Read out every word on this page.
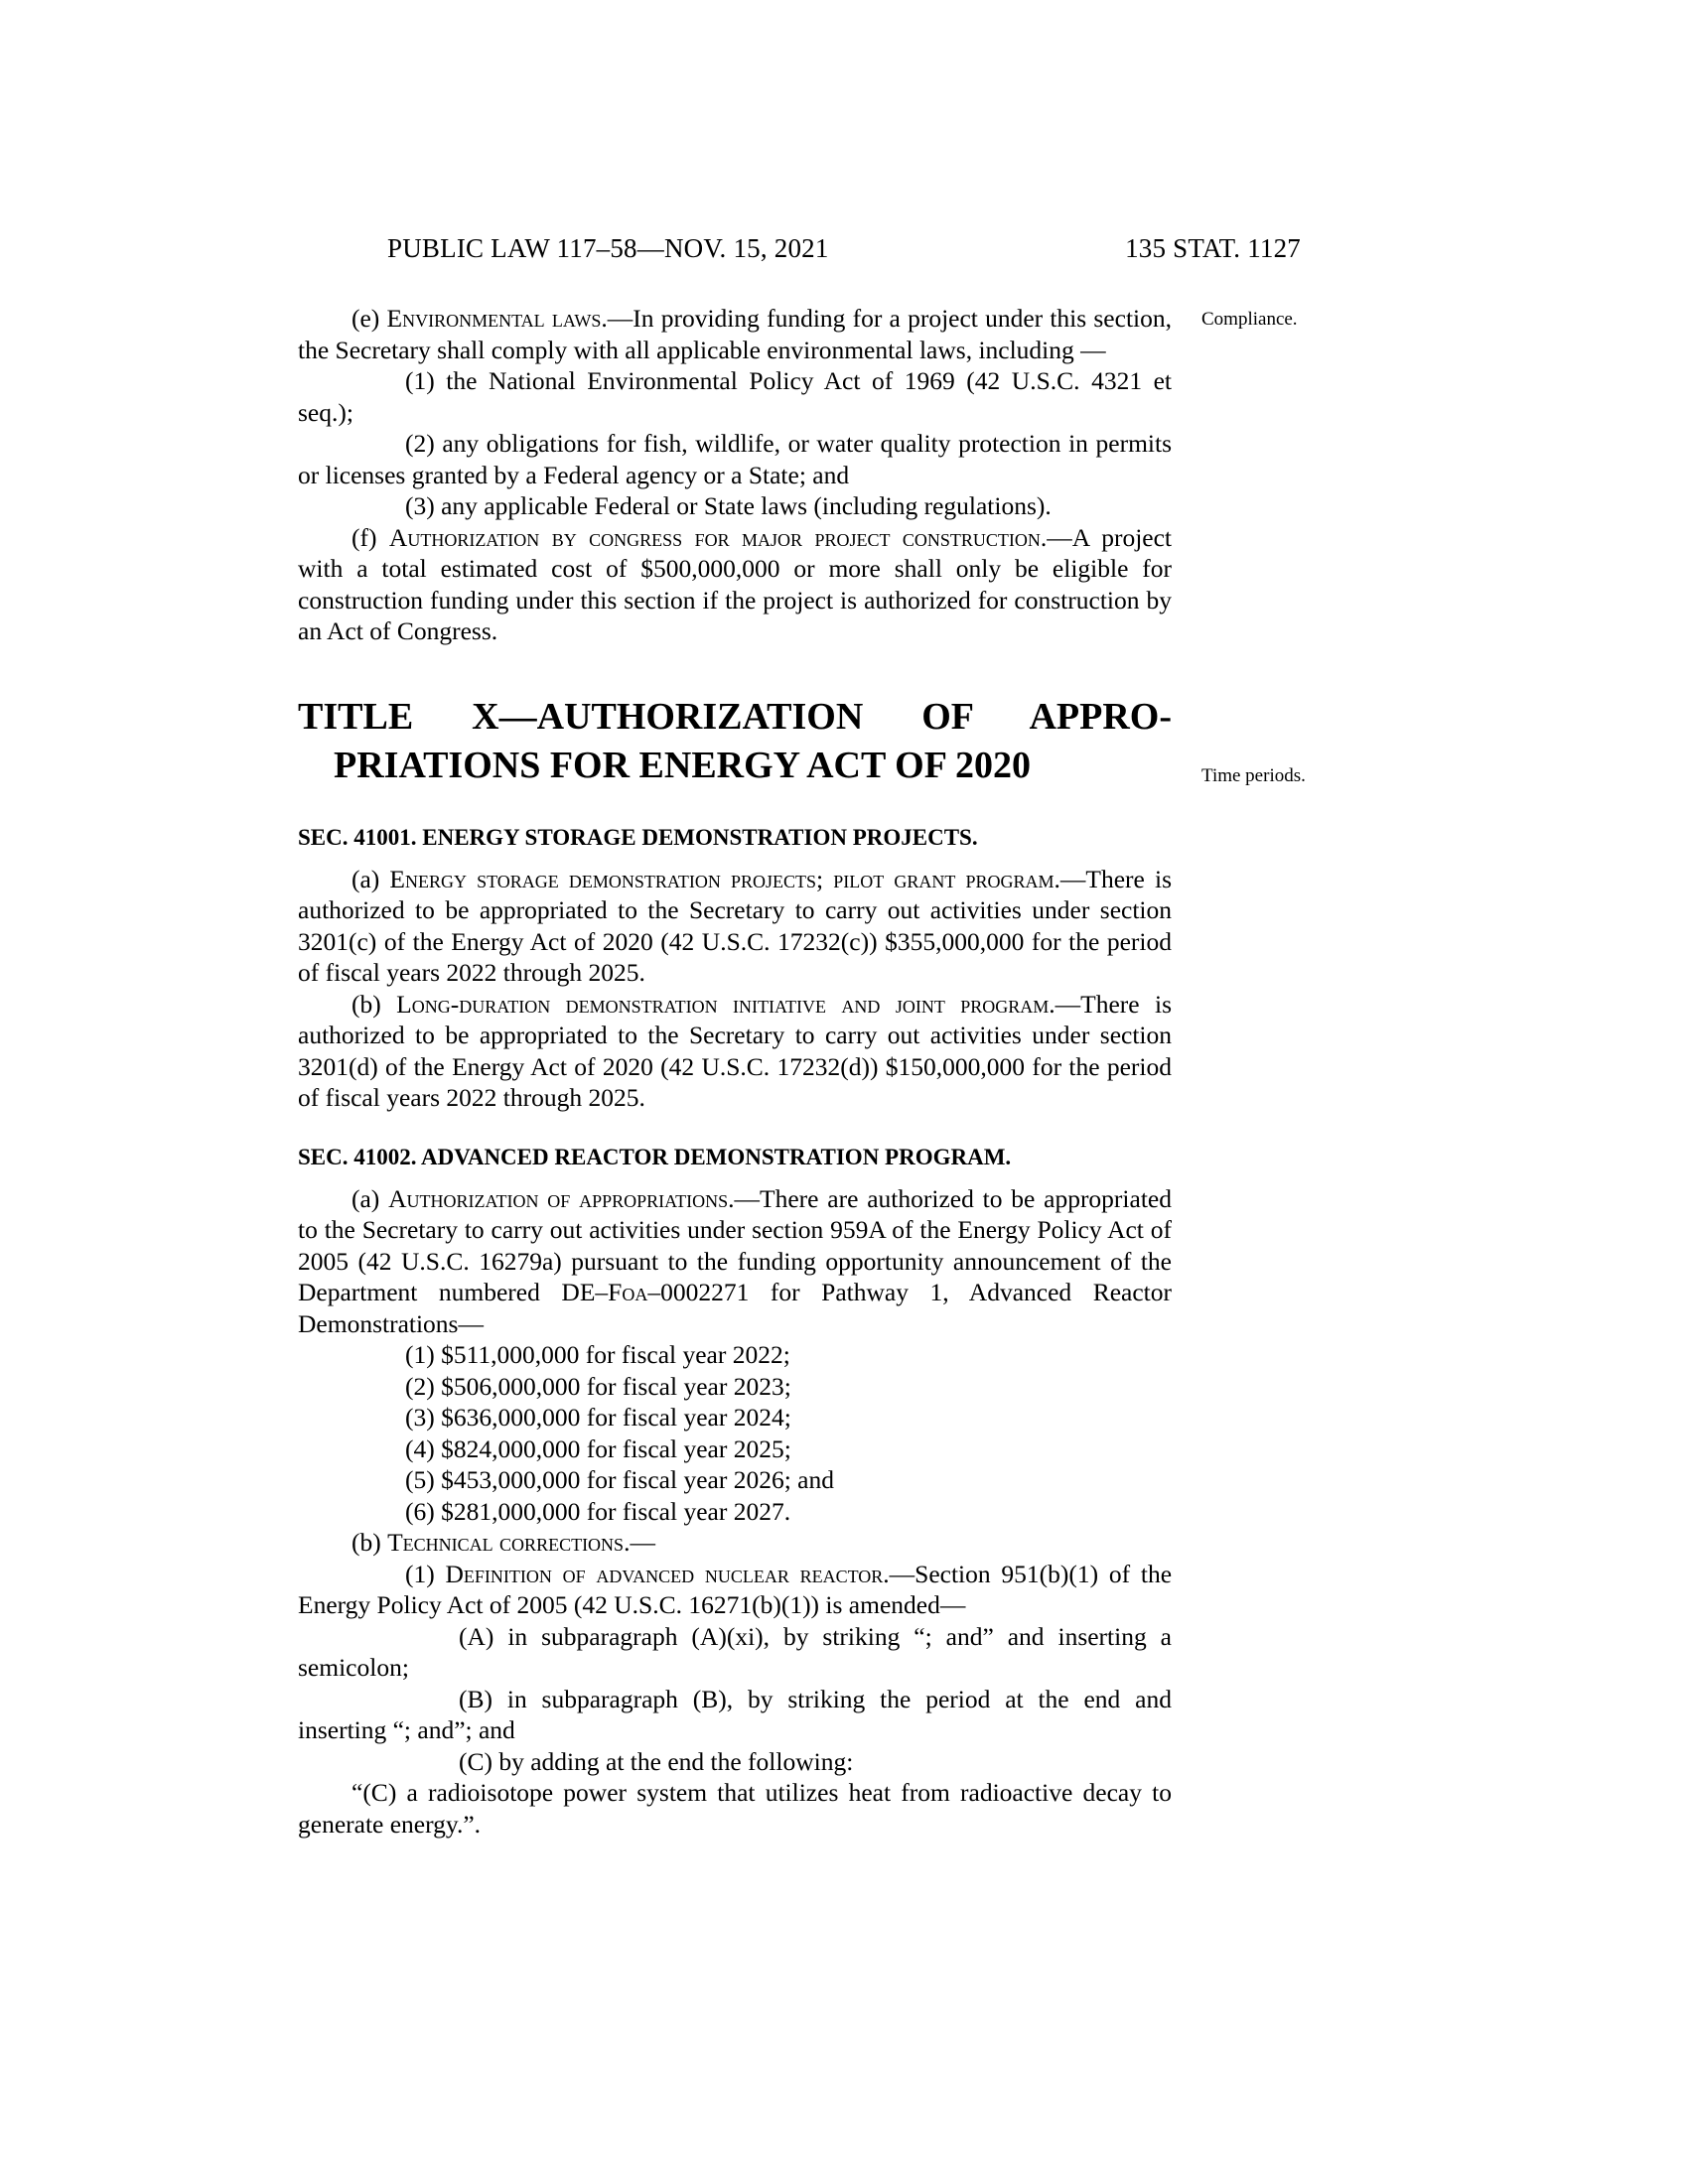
PUBLIC LAW 117–58—NOV. 15, 2021	135 STAT. 1127
Compliance.
Time periods.

(e) Environmental laws.—In providing funding for a project under this section, the Secretary shall comply with all applicable environmental laws, including —

(1) the National Environmental Policy Act of 1969 (42 U.S.C. 4321 et seq.);

(2) any obligations for fish, wildlife, or water quality protection in permits or licenses granted by a Federal agency or a State; and

(3) any applicable Federal or State laws (including regulations).

(f) Authorization by congress for major project construction.—A project with a total estimated cost of $500,000,000 or more shall only be eligible for construction funding under this section if the project is authorized for construction by an Act of Congress.

TITLE X—AUTHORIZATION OF APPRO-
PRIATIONS FOR ENERGY ACT OF 2020
SEC. 41001. ENERGY STORAGE DEMONSTRATION PROJECTS.

(a) Energy storage demonstration projects; pilot grant program.—There is authorized to be appropriated to the Secretary to carry out activities under section 3201(c) of the Energy Act of 2020 (42 U.S.C. 17232(c)) $355,000,000 for the period of fiscal years 2022 through 2025.

(b) Long-duration demonstration initiative and joint program.—There is authorized to be appropriated to the Secretary to carry out activities under section 3201(d) of the Energy Act of 2020 (42 U.S.C. 17232(d)) $150,000,000 for the period of fiscal years 2022 through 2025.

SEC. 41002. ADVANCED REACTOR DEMONSTRATION PROGRAM.

(a) Authorization of appropriations.—There are authorized to be appropriated to the Secretary to carry out activities under section 959A of the Energy Policy Act of 2005 (42 U.S.C. 16279a) pursuant to the funding opportunity announcement of the Department numbered DE–Foa–0002271 for Pathway 1, Advanced Reactor Demonstrations—

(1) $511,000,000 for fiscal year 2022;

(2) $506,000,000 for fiscal year 2023;

(3) $636,000,000 for fiscal year 2024;

(4) $824,000,000 for fiscal year 2025;

(5) $453,000,000 for fiscal year 2026; and

(6) $281,000,000 for fiscal year 2027.

(b) Technical corrections.—

(1) Definition of advanced nuclear reactor.—Section 951(b)(1) of the Energy Policy Act of 2005 (42 U.S.C. 16271(b)(1)) is amended—

(A) in subparagraph (A)(xi), by striking “; and” and inserting a semicolon;

(B) in subparagraph (B), by striking the period at the end and inserting “; and”; and

(C) by adding at the end the following:

“(C) a radioisotope power system that utilizes heat from radioactive decay to generate energy.”.
